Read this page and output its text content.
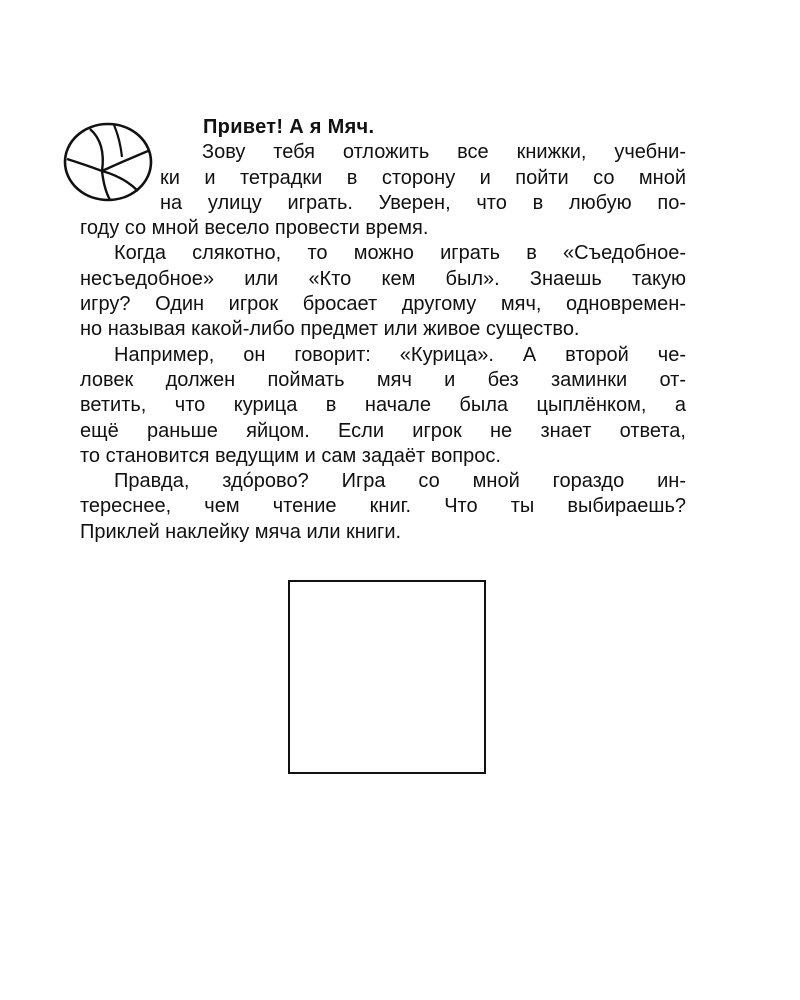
Привет! А я Мяч.
Зову тебя отложить все книжки, учебни-
ки и тетрадки в сторону и пойти со мной
на улицу играть. Уверен, что в любую по-
году со мной весело провести время.
Когда слякотно, то можно играть в «Съедобное-
несъедобное» или «Кто кем был». Знаешь такую
игру? Один игрок бросает другому мяч, одновремен-
но называя какой-либо предмет или живое существо.
Например, он говорит: «Курица». А второй че-
ловек должен поймать мяч и без заминки от-
ветить, что курица в начале была цыплёнком, а
ещё раньше яйцом. Если игрок не знает ответа,
то становится ведущим и сам задаёт вопрос.
Правда, здóрово? Игра со мной гораздо ин-
тереснее, чем чтение книг. Что ты выбираешь?
Приклей наклейку мяча или книги.
